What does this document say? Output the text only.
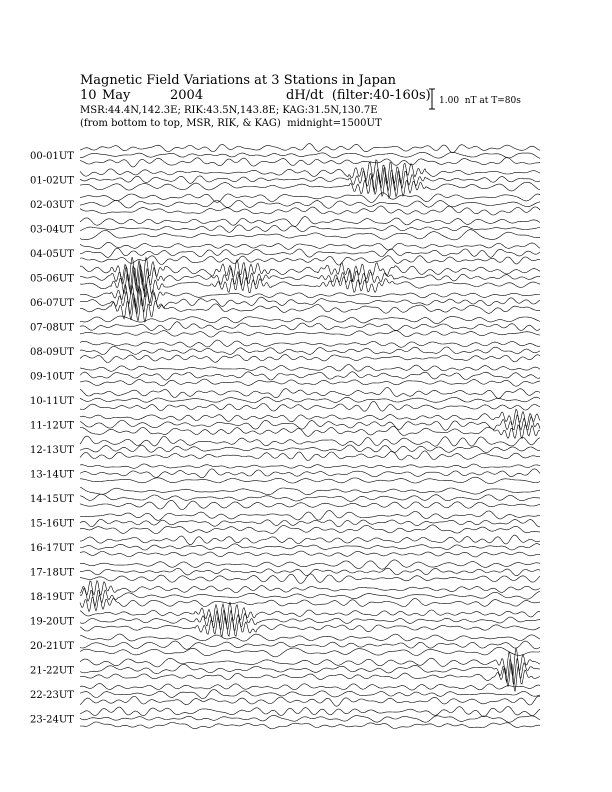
Magnetic Field Variations at 3 Stations in Japan

10

May

	2004

	dH/dt  (filter:40-160s)

MSR:44.4N,142.3E; RIK:43.5N,143.8E; KAG:31.5N,130.7E
(from bottom to top, MSR, RIK, & KAG)  midnight=1500UT
1.00  nT at T=80s
00-01UT
01-02UT
02-03UT
03-04UT
04-05UT
05-06UT
06-07UT
07-08UT
08-09UT
09-10UT
10-11UT
11-12UT
12-13UT
13-14UT
14-15UT
15-16UT
16-17UT
17-18UT
18-19UT
19-20UT
20-21UT
21-22UT
22-23UT
23-24UT
